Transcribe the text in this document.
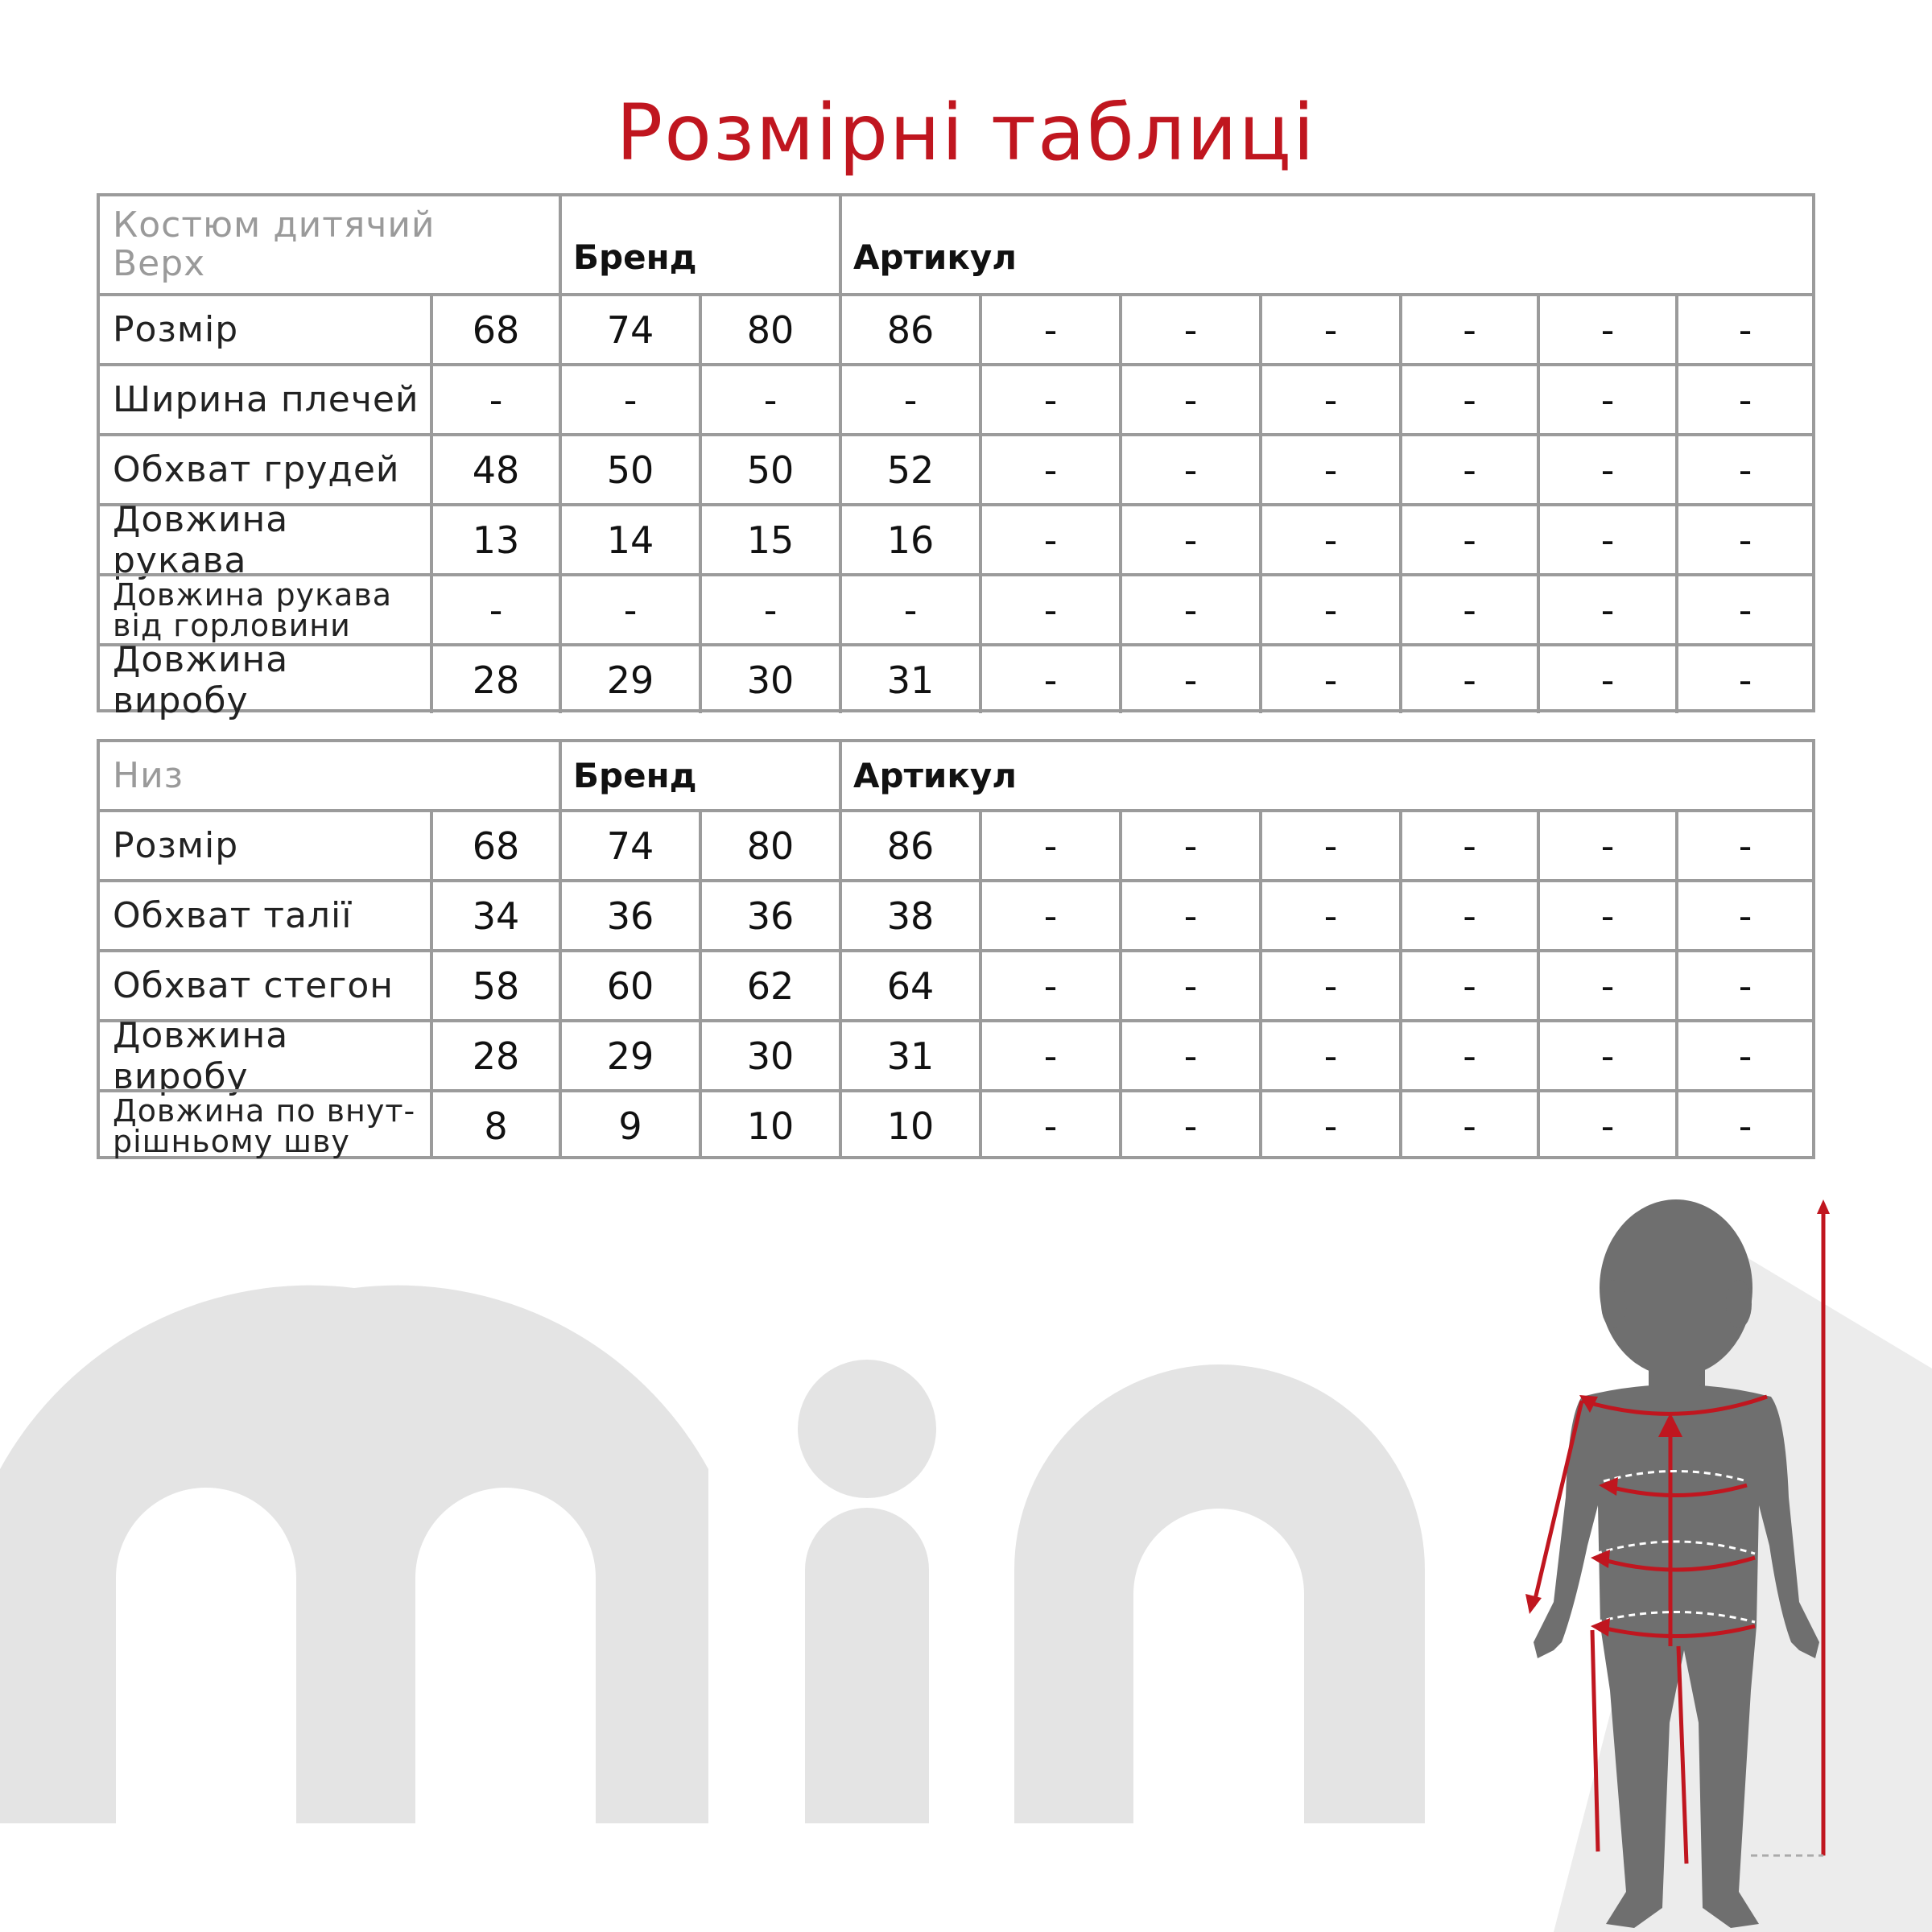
Розмірні таблиці
Костюм дитячий
Верх	Бренд	Артикул
Розмір	68	74	80	86	-	-	-	-	-	-
Ширина плечей	-	-	-	-	-	-	-	-	-	-
Обхват грудей	48	50	50	52	-	-	-	-	-	-
Довжина рукава	13	14	15	16	-	-	-	-	-	-
Довжина рукава
від горловини	-	-	-	-	-	-	-	-	-	-
Довжина виробу	28	29	30	31	-	-	-	-	-	-
Низ	Бренд	Артикул
Розмір	68	74	80	86	-	-	-	-	-	-
Обхват талії	34	36	36	38	-	-	-	-	-	-
Обхват стегон	58	60	62	64	-	-	-	-	-	-
Довжина виробу	28	29	30	31	-	-	-	-	-	-
Довжина по внут-
рішньому шву	8	9	10	10	-	-	-	-	-	-
